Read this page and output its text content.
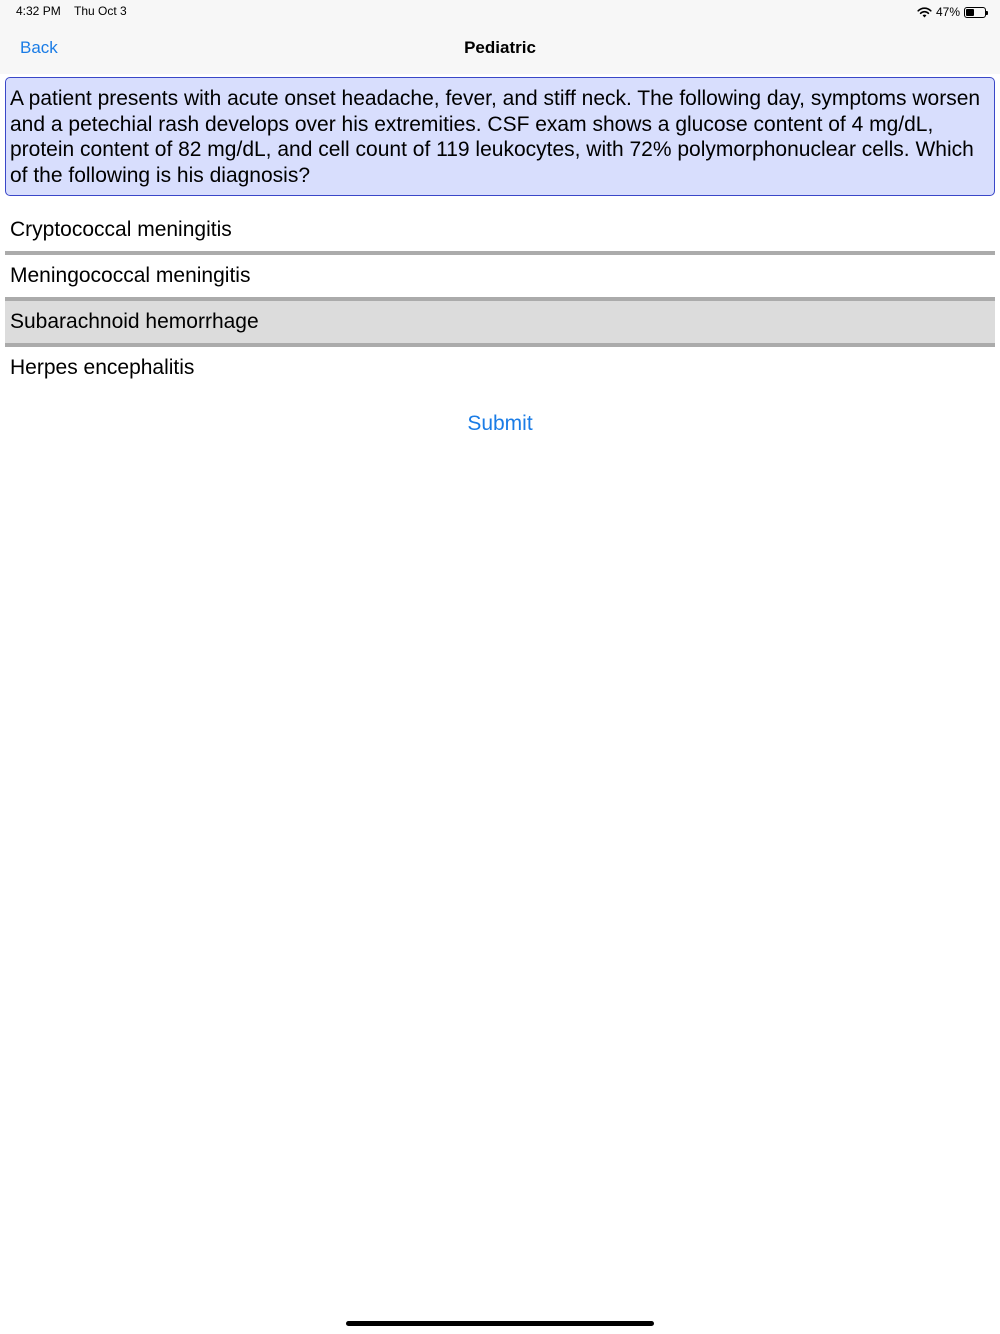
4:32 PM Thu Oct 3	47%
Back	Pediatric
A patient presents with acute onset headache, fever, and stiff neck. The following day, symptoms worsen and a petechial rash develops over his extremities. CSF exam shows a glucose content of 4 mg/dL, protein content of 82 mg/dL, and cell count of 119 leukocytes, with 72% polymorphonuclear cells. Which of the following is his diagnosis?
Cryptococcal meningitis
Meningococcal meningitis
Subarachnoid hemorrhage
Herpes encephalitis
Submit
